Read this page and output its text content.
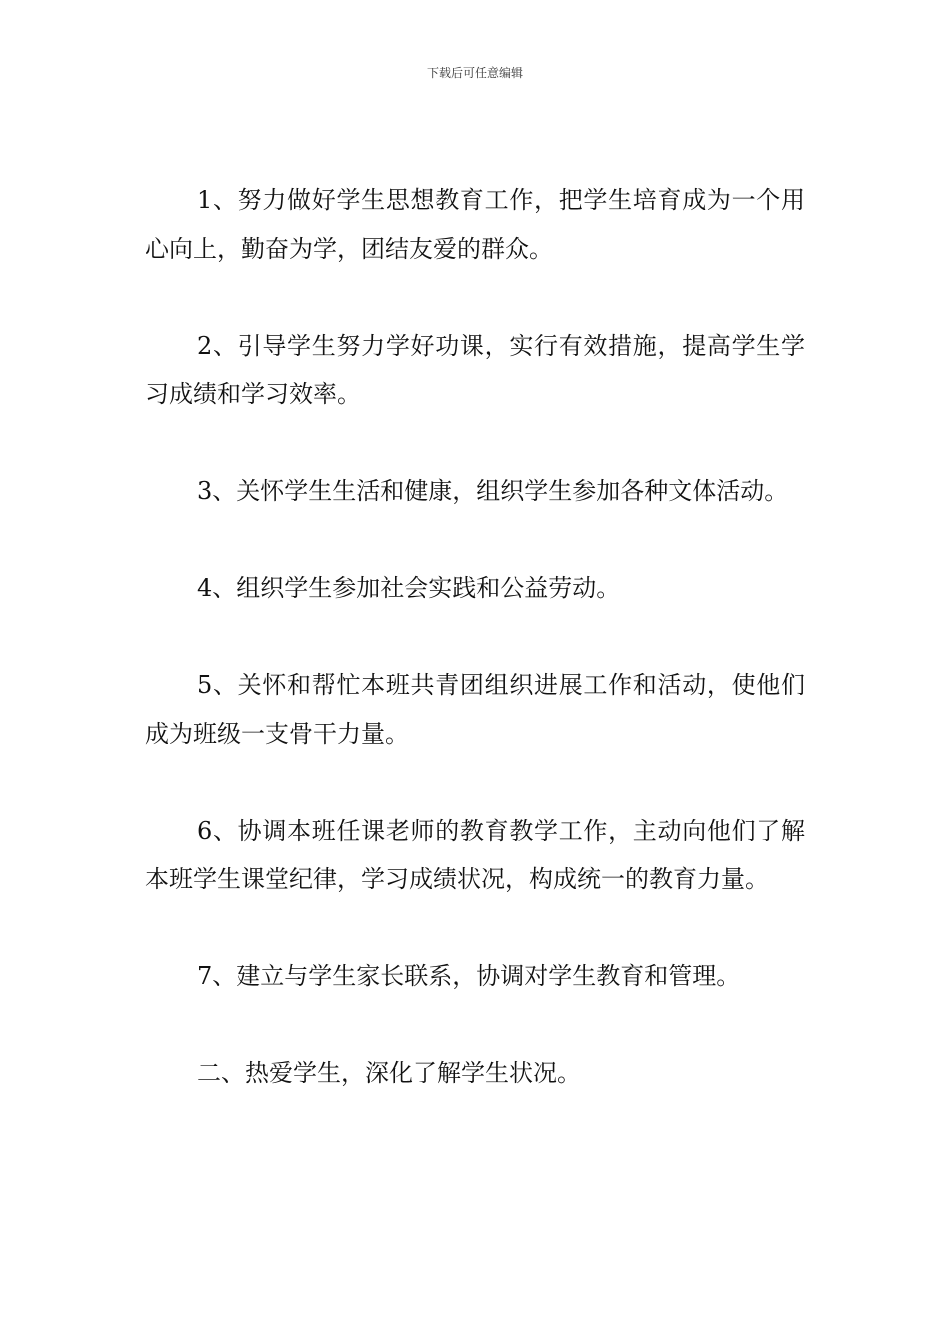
下载后可任意编辑

1、努力做好学生思想教育工作，把学生培育成为一个用心向上，勤奋为学，团结友爱的群众。

2、引导学生努力学好功课，实行有效措施，提高学生学习成绩和学习效率。

3、关怀学生生活和健康，组织学生参加各种文体活动。

4、组织学生参加社会实践和公益劳动。

5、关怀和帮忙本班共青团组织进展工作和活动，使他们成为班级一支骨干力量。

6、协调本班任课老师的教育教学工作，主动向他们了解本班学生课堂纪律，学习成绩状况，构成统一的教育力量。

7、建立与学生家长联系，协调对学生教育和管理。

二、热爱学生，深化了解学生状况。
